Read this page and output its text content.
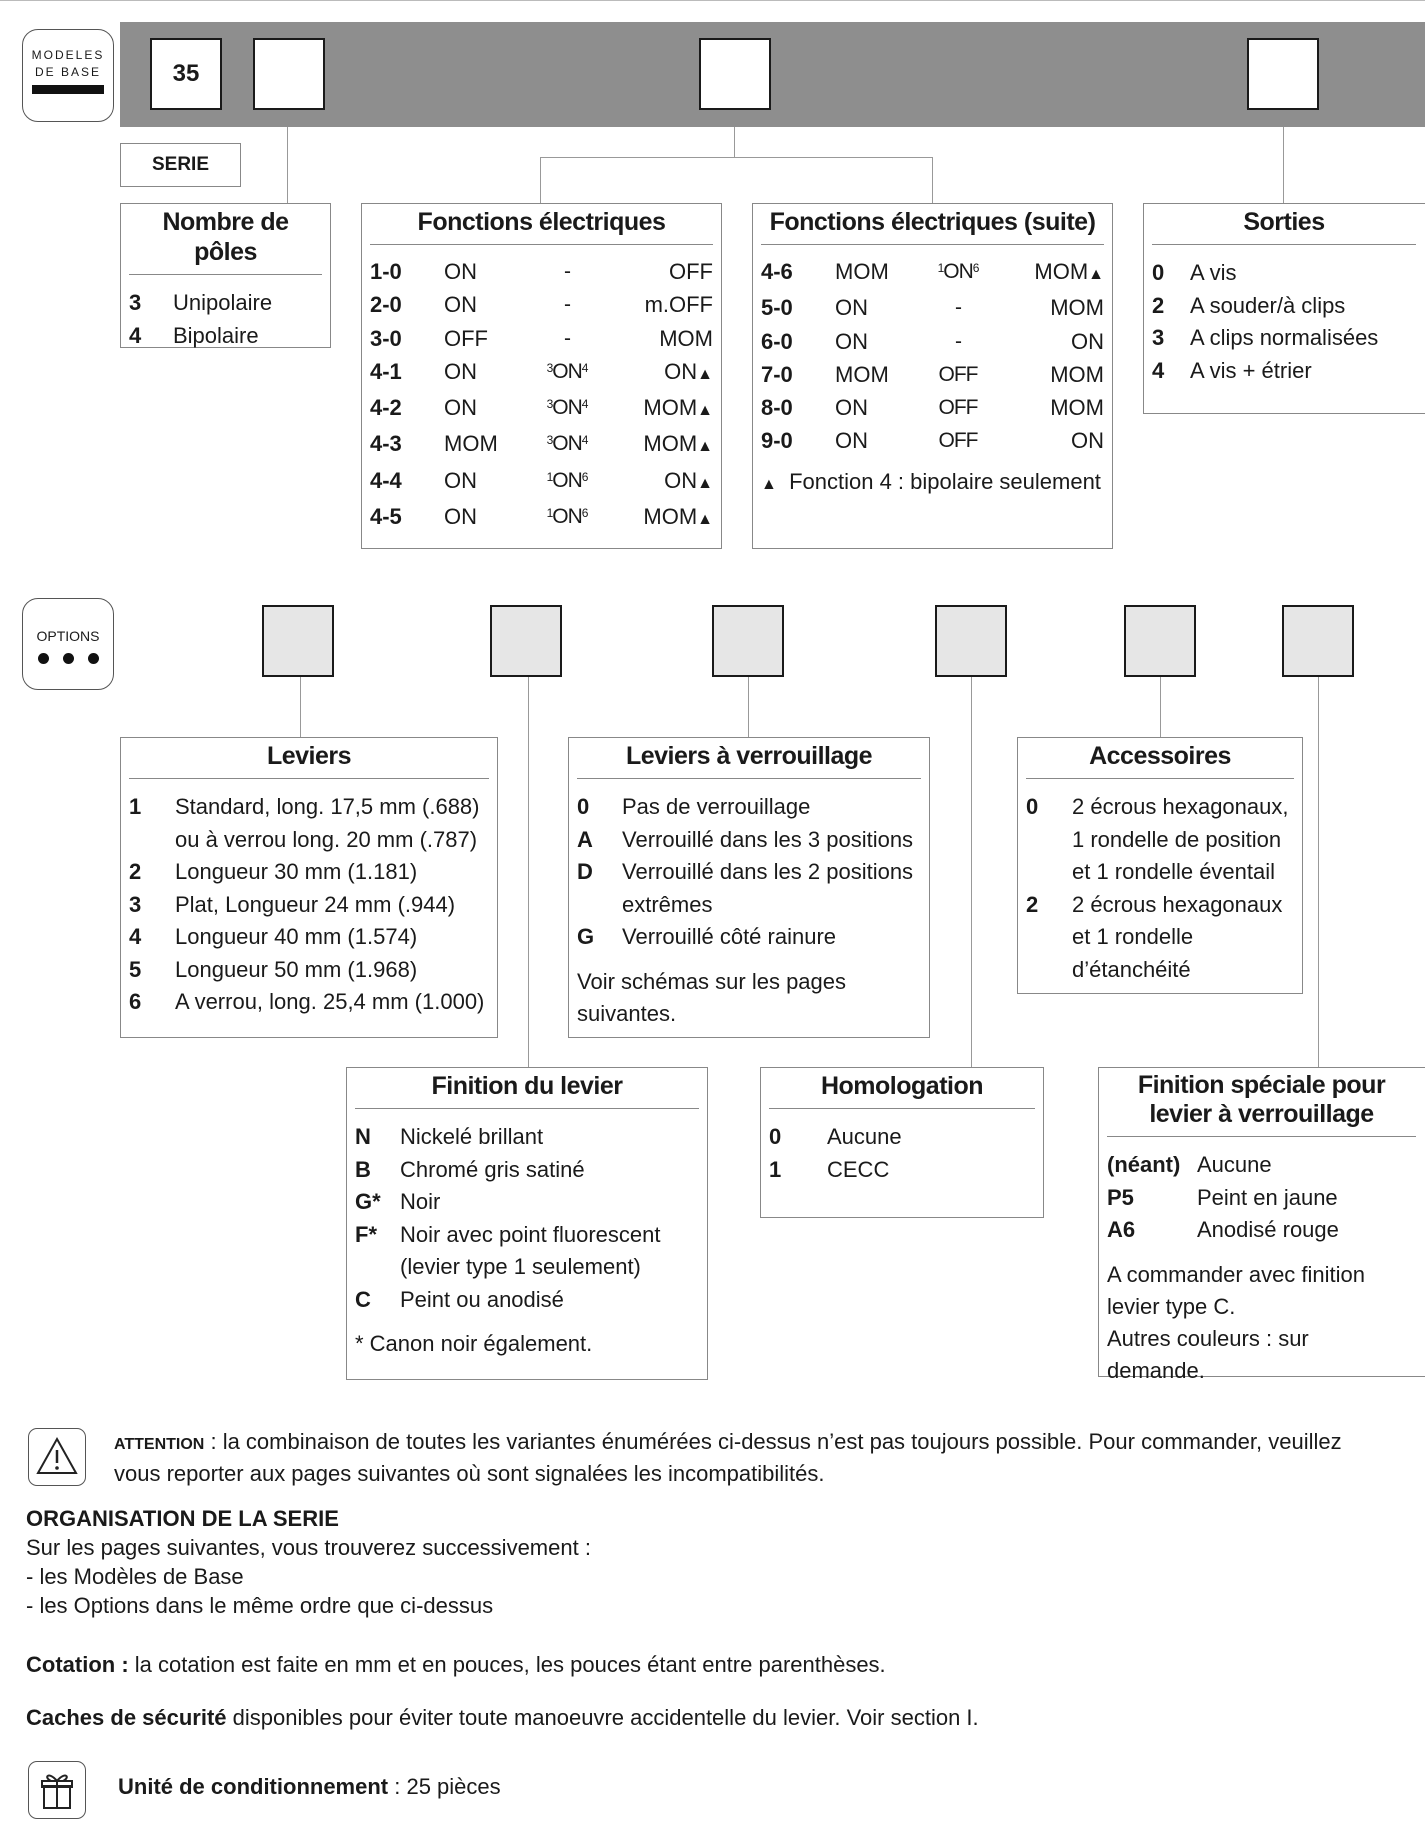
MODELES
DE BASE	35
SERIE
Nombre de pôles
3	Unipolaire
4	Bipolaire
Fonctions électriques
1-0	ON	-	OFF
2-0	ON	-	m.OFF
3-0	OFF	-	MOM
4-1	ON	$^3ON^4$	ON▲
4-2	ON	$^3ON^4$	MOM▲
4-3	MOM	$^3ON^4$	MOM▲
4-4	ON	$^1ON^6$	ON▲
4-5	ON	$^1ON^6$	MOM▲
Fonctions électriques (suite)
4-6	MOM	$^1ON^6$	MOM▲
5-0	ON	-	MOM
6-0	ON	-	ON
7-0	MOM	OFF	MOM
8-0	ON	OFF	MOM
9-0	ON	OFF	ON
▲ Fonction 4 : bipolaire seulement
Sorties
0	A vis
2	A souder/à clips
3	A clips normalisées
4	A vis + étrier
OPTIONS
Leviers
1	Standard, long. 17,5 mm (.688) ou à verrou long. 20 mm (.787)
2	Longueur 30 mm (1.181)
3	Plat, Longueur 24 mm (.944)
4	Longueur 40 mm (1.574)
5	Longueur 50 mm (1.968)
6	A verrou, long. 25,4 mm (1.000)
Leviers à verrouillage
0	Pas de verrouillage
A	Verrouillé dans les 3 positions
D	Verrouillé dans les 2 positions extrêmes
G	Verrouillé côté rainure
Voir schémas sur les pages suivantes.
Accessoires
0	2 écrous hexagonaux, 1 rondelle de position et 1 rondelle éventail
2	2 écrous hexagonaux et 1 rondelle d’étanchéité
Finition du levier
N	Nickelé brillant
B	Chromé gris satiné
G* Noir
F*	Noir avec point fluorescent (levier type 1 seulement)
C	Peint ou anodisé
* Canon noir également.
Homologation
0	Aucune
1	CECC
Finition spéciale pour
levier à verrouillage
(néant) Aucune
P5	Peint en jaune
A6	Anodisé rouge
A commander avec finition levier type C.
Autres couleurs : sur demande.
ATTENTION : la combinaison de toutes les variantes énumérées ci-dessus n’est pas toujours possible. Pour commander, veuillez vous reporter aux pages suivantes où sont signalées les incompatibilités.
ORGANISATION DE LA SERIE
Sur les pages suivantes, vous trouverez successivement :
- les Modèles de Base
- les Options dans le même ordre que ci-dessus
Cotation : la cotation est faite en mm et en pouces, les pouces étant entre parenthèses.
Caches de sécurité disponibles pour éviter toute manoeuvre accidentelle du levier. Voir section I.
Unité de conditionnement : 25 pièces
